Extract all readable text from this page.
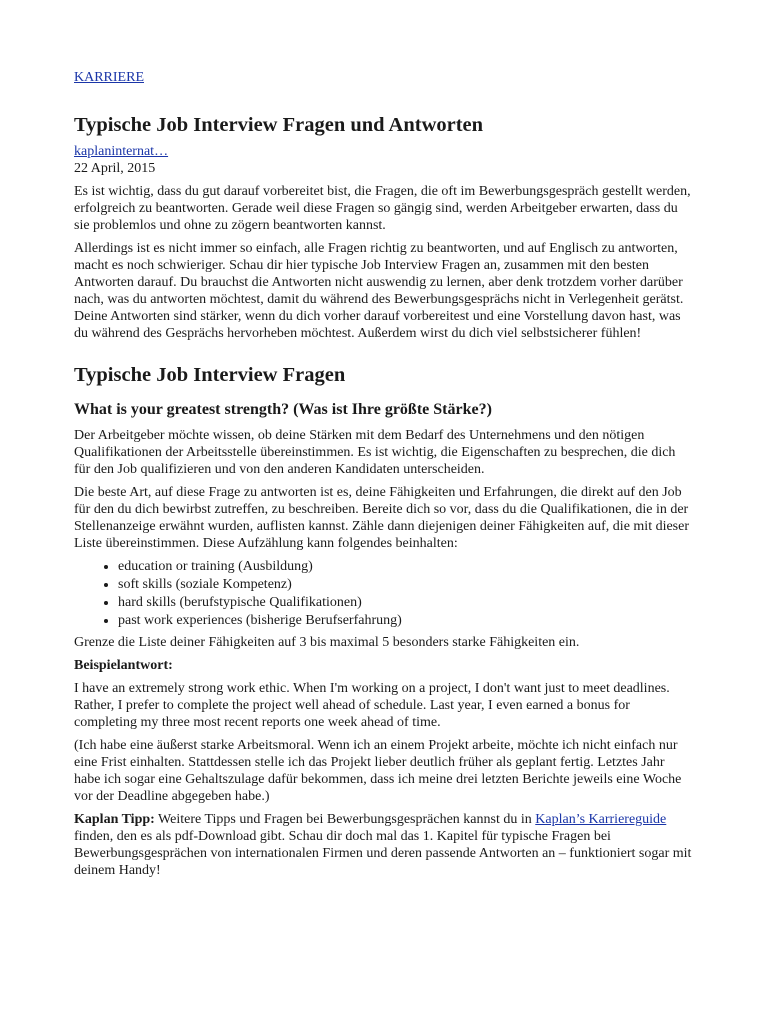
KARRIERE
Typische Job Interview Fragen und Antworten
kaplaninternat…
22 April, 2015

Es ist wichtig, dass du gut darauf vorbereitet bist, die Fragen, die oft im Bewerbungsgespräch gestellt werden, erfolgreich zu beantworten. Gerade weil diese Fragen so gängig sind, werden Arbeitgeber erwarten, dass du sie problemlos und ohne zu zögern beantworten kannst.

Allerdings ist es nicht immer so einfach, alle Fragen richtig zu beantworten, und auf Englisch zu antworten, macht es noch schwieriger. Schau dir hier typische Job Interview Fragen an, zusammen mit den besten Antworten darauf. Du brauchst die Antworten nicht auswendig zu lernen, aber denk trotzdem vorher darüber nach, was du antworten möchtest, damit du während des Bewerbungsgesprächs nicht in Verlegenheit gerätst. Deine Antworten sind stärker, wenn du dich vorher darauf vorbereitest und eine Vorstellung davon hast, was du während des Gesprächs hervorheben möchtest. Außerdem wirst du dich viel selbstsicherer fühlen!

Typische Job Interview Fragen
What is your greatest strength? (Was ist Ihre größte Stärke?)

Der Arbeitgeber möchte wissen, ob deine Stärken mit dem Bedarf des Unternehmens und den nötigen Qualifikationen der Arbeitsstelle übereinstimmen. Es ist wichtig, die Eigenschaften zu besprechen, die dich für den Job qualifizieren und von den anderen Kandidaten unterscheiden.

Die beste Art, auf diese Frage zu antworten ist es, deine Fähigkeiten und Erfahrungen, die direkt auf den Job für den du dich bewirbst zutreffen, zu beschreiben. Bereite dich so vor, dass du die Qualifikationen, die in der Stellenanzeige erwähnt wurden, auflisten kannst. Zähle dann diejenigen deiner Fähigkeiten auf, die mit dieser Liste übereinstimmen. Diese Aufzählung kann folgendes beinhalten:

• education or training (Ausbildung)
• soft skills (soziale Kompetenz)
• hard skills (berufstypische Qualifikationen)
• past work experiences (bisherige Berufserfahrung)

Grenze die Liste deiner Fähigkeiten auf 3 bis maximal 5 besonders starke Fähigkeiten ein.

Beispielantwort:

I have an extremely strong work ethic. When I'm working on a project, I don't want just to meet deadlines. Rather, I prefer to complete the project well ahead of schedule. Last year, I even earned a bonus for completing my three most recent reports one week ahead of time.

(Ich habe eine äußerst starke Arbeitsmoral. Wenn ich an einem Projekt arbeite, möchte ich nicht einfach nur eine Frist einhalten. Stattdessen stelle ich das Projekt lieber deutlich früher als geplant fertig. Letztes Jahr habe ich sogar eine Gehaltszulage dafür bekommen, dass ich meine drei letzten Berichte jeweils eine Woche vor der Deadline abgegeben habe.)

Kaplan Tipp: Weitere Tipps und Fragen bei Bewerbungsgesprächen kannst du in Kaplan’s Karriereguide finden, den es als pdf-Download gibt. Schau dir doch mal das 1. Kapitel für typische Fragen bei Bewerbungsgesprächen von internationalen Firmen und deren passende Antworten an – funktioniert sogar mit deinem Handy!
